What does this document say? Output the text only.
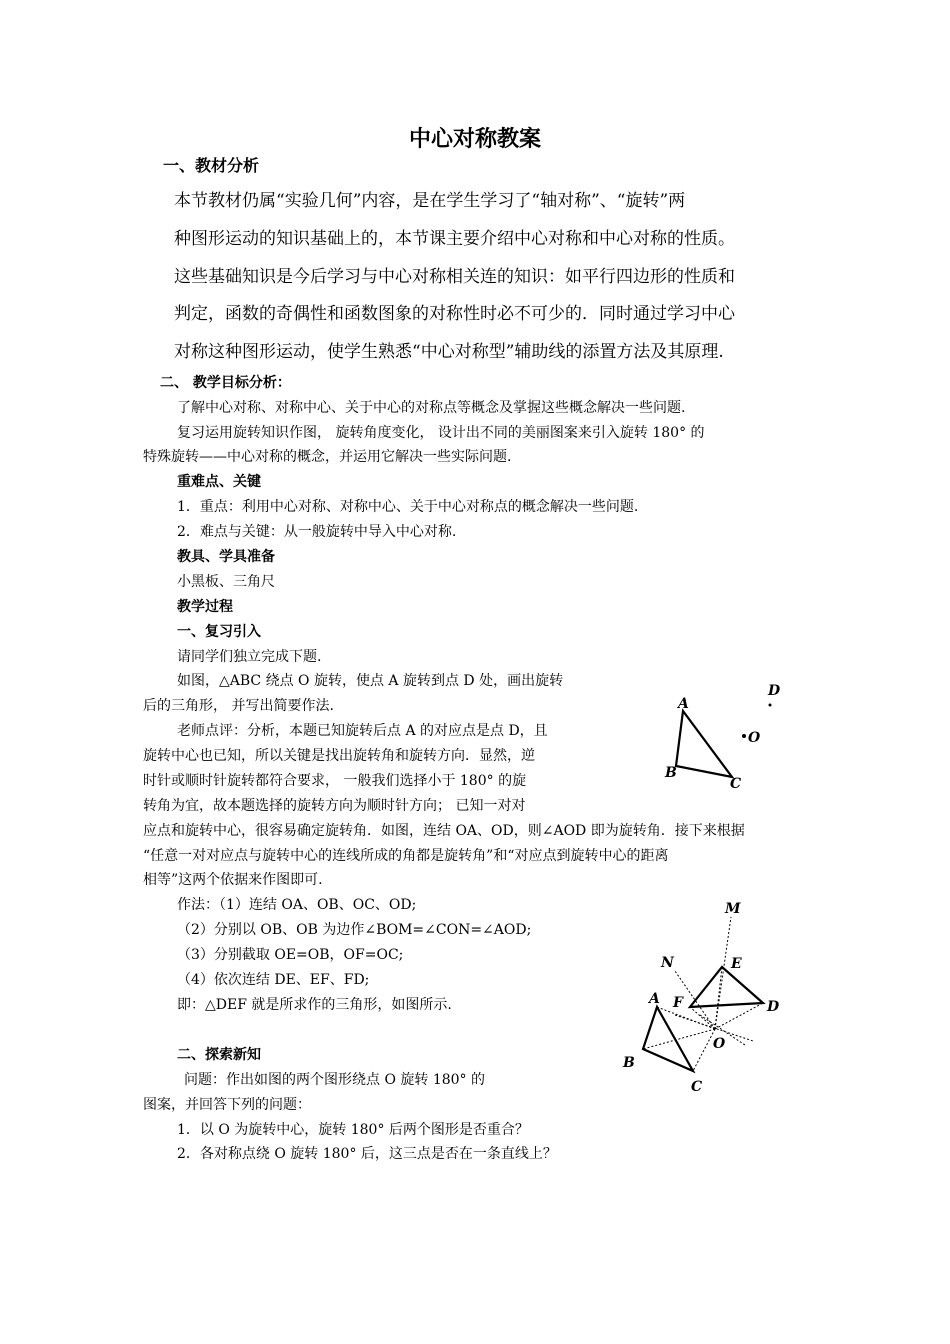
中心对称教案
一、教材分析
本节教材仍属“实验几何”内容，是在学生学习了“轴对称”、“旋转”两
种图形运动的知识基础上的，本节课主要介绍中心对称和中心对称的性质。
这些基础知识是今后学习与中心对称相关连的知识：如平行四边形的性质和
判定，函数的奇偶性和函数图象的对称性时必不可少的．同时通过学习中心
对称这种图形运动，使学生熟悉“中心对称型”辅助线的添置方法及其原理.
二、 教学目标分析：
了解中心对称、对称中心、关于中心的对称点等概念及掌握这些概念解决一些问题.
复习运用旋转知识作图， 旋转角度变化， 设计出不同的美丽图案来引入旋转 180° 的
特殊旋转——中心对称的概念，并运用它解决一些实际问题.
重难点、关键
1．重点：利用中心对称、对称中心、关于中心对称点的概念解决一些问题.
2．难点与关键：从一般旋转中导入中心对称.
教具、学具准备
小黑板、三角尺
教学过程
一、复习引入
请同学们独立完成下题.
如图，△ABC 绕点 O 旋转，使点 A 旋转到点 D 处，画出旋转
后的三角形， 并写出简要作法.
老师点评：分析，本题已知旋转后点 A 的对应点是点 D，且
旋转中心也已知，所以关键是找出旋转角和旋转方向．显然，逆
时针或顺时针旋转都符合要求， 一般我们选择小于 180° 的旋
转角为宜，故本题选择的旋转方向为顺时针方向； 已知一对对
应点和旋转中心，很容易确定旋转角．如图，连结 OA、OD，则∠AOD 即为旋转角．接下来根据
“任意一对对应点与旋转中心的连线所成的角都是旋转角”和“对应点到旋转中心的距离
相等”这两个依据来作图即可.
作法：（1）连结 OA、OB、OC、OD;
（2）分别以 OB、OB 为边作∠BOM=∠CON=∠AOD;
（3）分别截取 OE=OB，OF=OC;
（4）依次连结 DE、EF、FD;
即：△DEF 就是所求作的三角形，如图所示.
二、探索新知
问题：作出如图的两个图形绕点 O 旋转 180° 的
图案，并回答下列的问题：
1．以 O 为旋转中心，旋转 180° 后两个图形是否重合？
2．各对称点绕 O 旋转 180° 后，这三点是否在一条直线上？
A
B
C
D
O
M
N	E
A F	D
O
B
C
